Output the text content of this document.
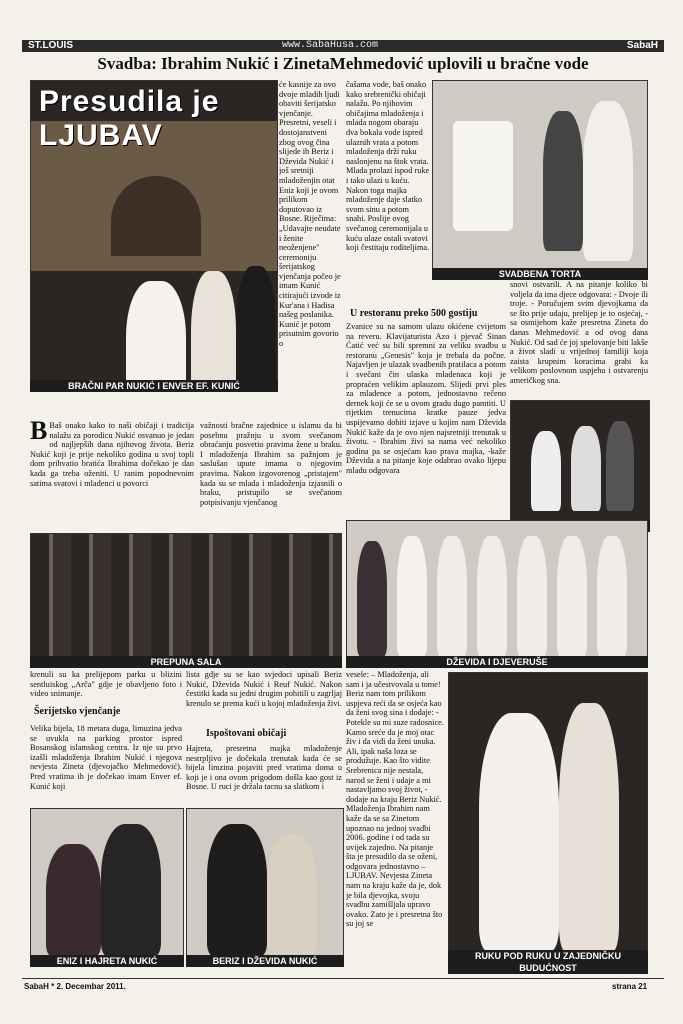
ST.LOUIS	www.SabaHusa.com	SabaH
Svadba: Ibrahim Nukić i ZinetaMehmedović uplovili u bračne vode
Presudila je LJUBAV
BRAČNI PAR NUKIĆ I ENVER EF. KUNIĆ
će kasnije za ovo dvoje mladih ljudi obaviti šerijatsko vjenčanje. Presretni, veseli i dostojanstveni zbog ovog čina slijede ih Beriz i Dževida Nukić i još sretniji mladoženjin otat Eniz koji je ovom prilikom doputovao iz Bosne. Riječima: „Udavajte neudate i ženite neoženjene" ceremoniju šerijatskog vjenčanja počeo je imam Kunić citirajući izvode iz Kur'ana i Hadisa našeg poslanika. Kunić je potom prisutnim govorio o
čašama vode, baš onako kako srebrenički običaji nalažu. Po njihovim običajima mladoženja i mlada nogom obaraju dva bokala vode ispred ulaznih vrata a potom mladoženja drži ruku naslonjenu na štok vrata. Mlada prolazi ispod ruke i tako ulazi u kuću. Nakon toga majka mladoženje daje slatko svom sinu a potom snahi. Poslije ovog svečanog ceremonijala u kuću ulaze ostali svatovi koji čestitaju roditeljima.
SVADBENA TORTA
U restoranu preko 500 gostiju
Zvanice su na samom ulazu okićene cvijetom na reveru. Klavijaturista Azo i pjevač Sinan Ćatić već su bili spremni za veliku svadbu u restoranu „Genesis" koja je trebala da počne. Najavljen je ulazak svadbenih pratilaca a potom i svečani čin ulaska mladenaca koji je propraćen velikim aplauzom. Slijedi prvi ples za mladence a potom, jednostavno rečeno dernek koji će se u ovom gradu dugo pamtiti. U rijetkim trenucima kratke pauze jedva uspijevamo dobiti izjave u kojim nam Dževida Nukić kaže da je ovo njen najsretniji trenutak u životu. - Ibrahim živi sa nama već nekoliko godina pa se osjećam kao prava majka, -kaže Dževida a na pitanje koje odabrao ovako lijepu mladu odgovara
snovi ostvarili. A na pitanje koliko bi voljela da ima djece odgovara: - Dvoje ili troje. - Poručujem svim djevojkama da se što prije udaju, prelijep je to osjećaj, - sa osmijehom kaže presretna Zineta do danas Mehmedović a od ovog dana Nukić. Od sad će joj spelovanje biti lakše a život sladi u vrijednoj familiji koja zaista krupnim koracima grabi ka velikom poslovnom uspjehu i ostvarenju američkog sna.
B Baš onako kako to naši običaji i tradicija nalažu za porodicu Nukić osvanuo je jedan od najljepših dana njihovog života. Beriz Nukić koji je prije nekoliko godina u svoj topli dom prihvatio bratića Ibrahima dočekao je dan kada ga treba oženiti. U ranim popodnevnim satima svatovi i mladenci u povorci
važnosti bračne zajednice u islamu da bi posebnu pražnju u svom svečanom obraćanju posvetio pravima žene u braku. I mladoženja Ibrahim sa pažnjom je saslušao upute imama o njegovim pravima. Nakon izgovorenog „pristajem" kada su se mlada i mladoženja izjasnili o braku, pristupilo se svečanom potpisivanju vjenčanog
PREPUNA SALA	DŽEVIDA I DJEVERUŠE
krenuli su ka prelijepom parku u blizini sentluiskog „Arča" gdje je obavljeno foto i video snimanje.
Šerijetsko vjenčanje
Velika bijela, 18 metara duga, limuzina jedva se uvukla na parking prostor ispred Bosanskog islamskog centra. Iz nje su prvo izašli mladoženja Ibrahim Nukić i njegova nevjesta Zineta (djevojačko Mehmedović). Pred vratima ih je dočekao imam Enver ef. Kunić koji
lista gdje su se kao svjedoci upisali Beriz Nukić, Dževida Nukić i Reuf Nukić. Nakon čestitki kada su jedni drugim pohitili u zagrljaj krenulo se prema kući u kojoj mladoženja živi.
Ispoštovani običaji
Hajreta, presretna majka mladoženje nestrpljivo je dočekala trenutak kada će se bijela limzina pojaviti pred vratima doma u koji je i ona ovom prigodom došla kao gost iz Bosne. U ruci je držala tacnu sa slatkom i
vesele: – Mladoženja, ali sam i ja učestvovala u tome! Beriz nam tom prilikom uspjeva reći da se osjeća kao da ženi svog sina i dodaje: - Potekle su mi suze radosnice. Kamo sreće da je moj otac živ i da vidi da ženi unuka. Ali, ipak naša loza se produžuje. Kao što vidite Srebrenica nije nestala, narod se ženi i udaje a mi nastavljamo svoj život, - dodaje na kraju Beriz Nukić. Mladoženja Ibrahim nam kaže da se sa Zinetom upoznao na jednoj svadbi 2006. godine i od tada su uvijek zajedno. Na pitanje šta je presudilo da se oženi, odgovara jednostavno – LJUBAV. Nevjesta Zineta nam na kraju kaže da je, dok je bila djevojka, svoju svadbu zamišljala upravo ovako. Zato je i presretna što su joj se
ENIZ I HAJRETA NUKIĆ	BERIZ I DŽEVIDA NUKIĆ	RUKU POD RUKU U ZAJEDNIČKU BUDUĆNOST
SabaH * 2. Decembar 2011.	strana 21
